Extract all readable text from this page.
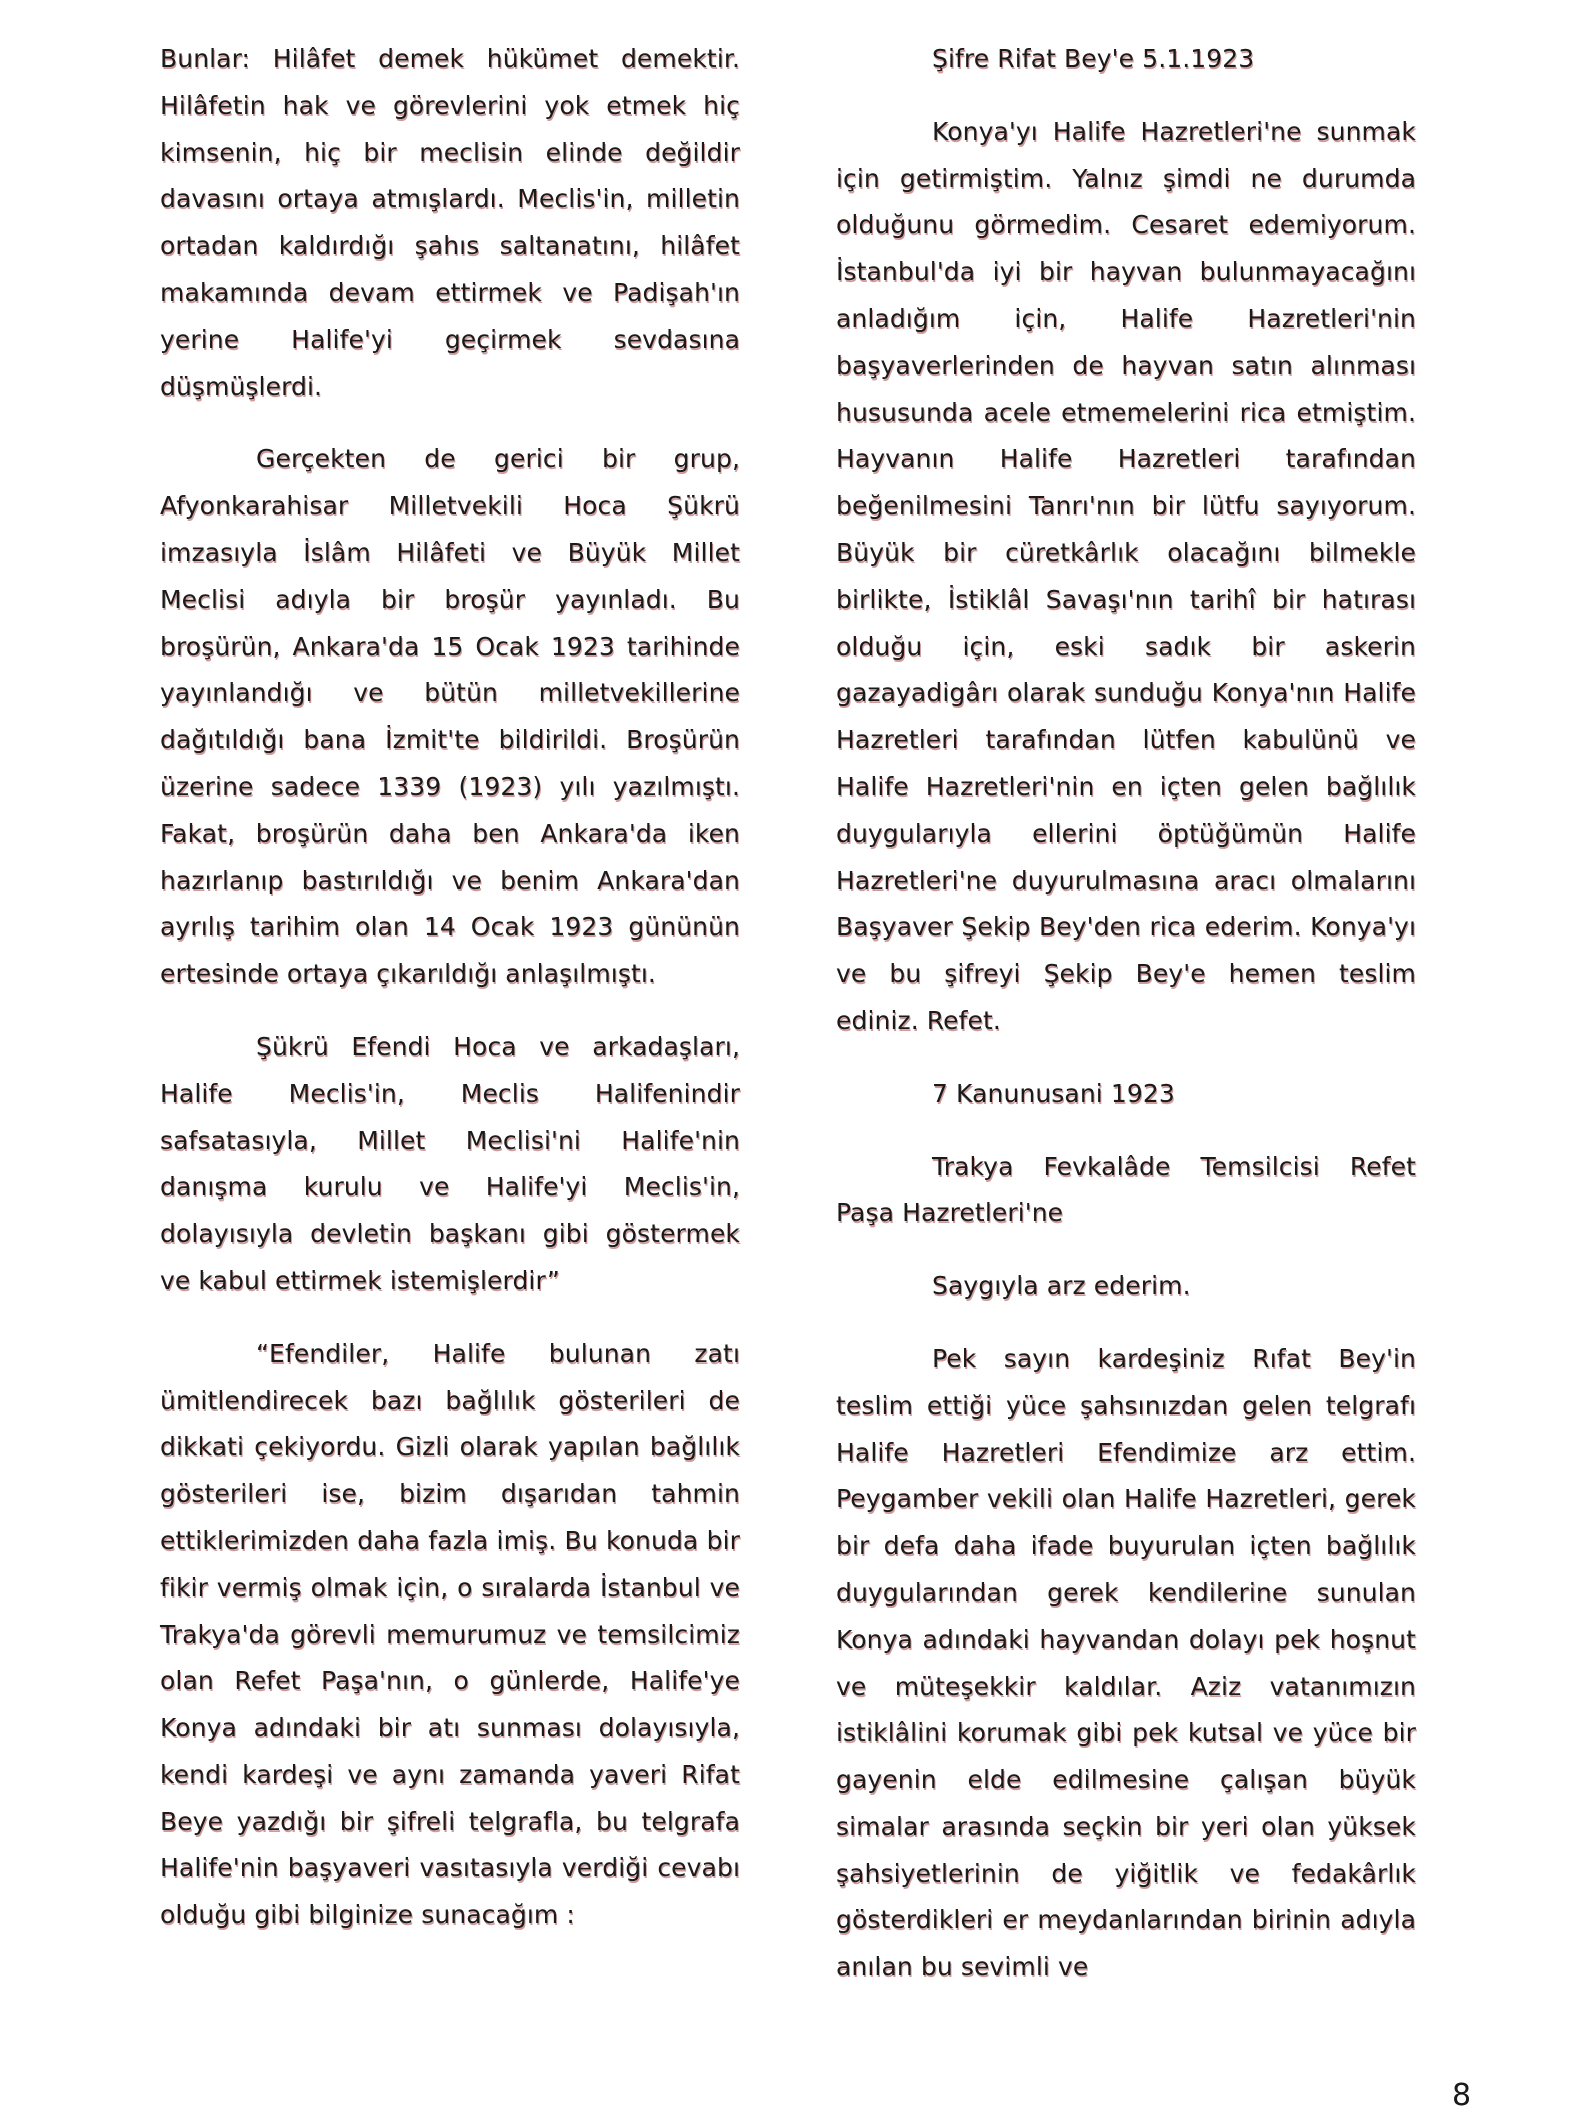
Bunlar: Hilâfet demek hükümet demektir. Hilâfetin hak ve görevlerini yok etmek hiç kimsenin, hiç bir meclisin elinde değildir davasını ortaya atmışlardı. Meclis'in, milletin ortadan kaldırdığı şahıs saltanatını, hilâfet makamında devam ettirmek ve Padişah'ın yerine Halife'yi geçirmek sevdasına düşmüşlerdi.

Gerçekten de gerici bir grup, Afyonkarahisar Milletvekili Hoca Şükrü imzasıyla İslâm Hilâfeti ve Büyük Millet Meclisi adıyla bir broşür yayınladı. Bu broşürün, Ankara'da 15 Ocak 1923 tarihinde yayınlandığı ve bütün milletvekillerine dağıtıldığı bana İzmit'te bildirildi. Broşürün üzerine sadece 1339 (1923) yılı yazılmıştı. Fakat, broşürün daha ben Ankara'da iken hazırlanıp bastırıldığı ve benim Ankara'dan ayrılış tarihim olan 14 Ocak 1923 gününün ertesinde ortaya çıkarıldığı anlaşılmıştı.

Şükrü Efendi Hoca ve arkadaşları, Halife Meclis'in, Meclis Halifenindir safsatasıyla, Millet Meclisi'ni Halife'nin danışma kurulu ve Halife'yi Meclis'in, dolayısıyla devletin başkanı gibi göstermek ve kabul ettirmek istemişlerdir”

“Efendiler, Halife bulunan zatı ümitlendirecek bazı bağlılık gösterileri de dikkati çekiyordu. Gizli olarak yapılan bağlılık gösterileri ise, bizim dışarıdan tahmin ettiklerimizden daha fazla imiş. Bu konuda bir fikir vermiş olmak için, o sıralarda İstanbul ve Trakya'da görevli memurumuz ve temsilcimiz olan Refet Paşa'nın, o günlerde, Halife'ye Konya adındaki bir atı sunması dolayısıyla, kendi kardeşi ve aynı zamanda yaveri Rifat Beye yazdığı bir şifreli telgrafla, bu telgrafa Halife'nin başyaveri vasıtasıyla verdiği cevabı olduğu gibi bilginize sunacağım :

Şifre Rifat Bey'e 5.1.1923

Konya'yı Halife Hazretleri'ne sunmak için getirmiştim. Yalnız şimdi ne durumda olduğunu görmedim. Cesaret edemiyorum. İstanbul'da iyi bir hayvan bulunmayacağını anladığım için, Halife Hazretleri'nin başyaverlerinden de hayvan satın alınması hususunda acele etmemelerini rica etmiştim. Hayvanın Halife Hazretleri tarafından beğenilmesini Tanrı'nın bir lütfu sayıyorum. Büyük bir cüretkârlık olacağını bilmekle birlikte, İstiklâl Savaşı'nın tarihî bir hatırası olduğu için, eski sadık bir askerin gazayadigârı olarak sunduğu Konya'nın Halife Hazretleri tarafından lütfen kabulünü ve Halife Hazretleri'nin en içten gelen bağlılık duygularıyla ellerini öptüğümün Halife Hazretleri'ne duyurulmasına aracı olmalarını Başyaver Şekip Bey'den rica ederim. Konya'yı ve bu şifreyi Şekip Bey'e hemen teslim ediniz. Refet.

7 Kanunusani 1923

Trakya Fevkalâde Temsilcisi Refet Paşa Hazretleri'ne

Saygıyla arz ederim.

Pek sayın kardeşiniz Rıfat Bey'in teslim ettiği yüce şahsınızdan gelen telgrafı Halife Hazretleri Efendimize arz ettim. Peygamber vekili olan Halife Hazretleri, gerek bir defa daha ifade buyurulan içten bağlılık duygularından gerek kendilerine sunulan Konya adındaki hayvandan dolayı pek hoşnut ve müteşekkir kaldılar. Aziz vatanımızın istiklâlini korumak gibi pek kutsal ve yüce bir gayenin elde edilmesine çalışan büyük simalar arasında seçkin bir yeri olan yüksek şahsiyetlerinin de yiğitlik ve fedakârlık gösterdikleri er meydanlarından birinin adıyla anılan bu sevimli ve

8
